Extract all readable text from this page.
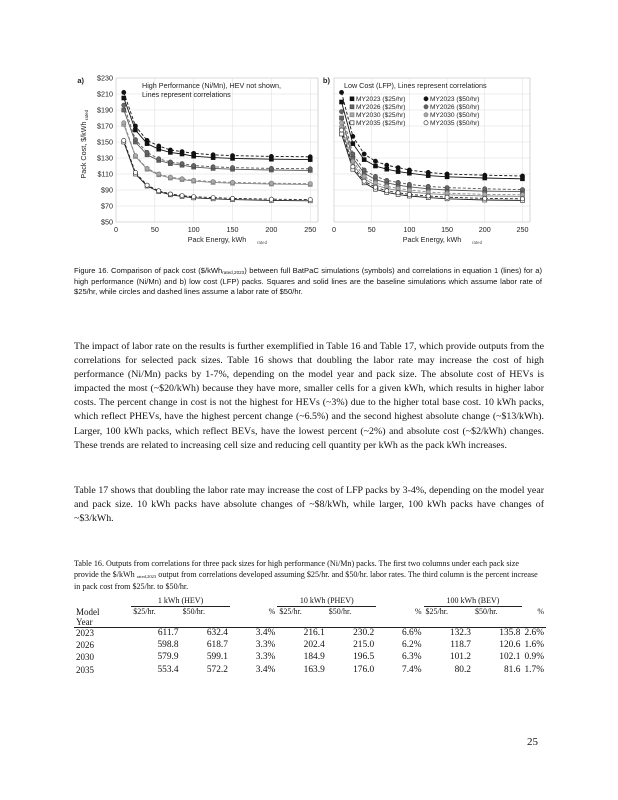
0	50	100	150	200	250
$50
$70
$90
$110
$130
$150
$170
$190
$210
$230
Pack Energy, kWh rated
Pack Cost, $/kWh
rated
a)
High Performance (Ni/Mn), HEV not shown,
Lines represent correlations
0	50	100	150	200	250
Pack Energy, kWh rated
b)
Low Cost (LFP), Lines represent correlations
MY2023 ($25/hr)	MY2023 ($50/hr)
MY2026 ($25/hr)	MY2026 ($50/hr)
MY2030 ($25/hr)	MY2030 ($50/hr)
MY2035 ($25/hr)	MY2035 ($50/hr)
Figure 16. Comparison of pack cost ($/kWhrated,2023) between full BatPaC simulations (symbols) and correlations in equation 1 (lines) for a) high performance (Ni/Mn) and b) low cost (LFP) packs. Squares and solid lines are the baseline simulations which assume labor rate of $25/hr, while circles and dashed lines assume a labor rate of $50/hr.

The impact of labor rate on the results is further exemplified in Table 16 and Table 17, which provide outputs from the correlations for selected pack sizes. Table 16 shows that doubling the labor rate may increase the cost of high performance (Ni/Mn) packs by 1-7%, depending on the model year and pack size. The absolute cost of HEVs is impacted the most (~$20/kWh) because they have more, smaller cells for a given kWh, which results in higher labor costs. The percent change in cost is not the highest for HEVs (~3%) due to the higher total base cost. 10 kWh packs, which reflect PHEVs, have the highest percent change (~6.5%) and the second highest absolute change (~$13/kWh). Larger, 100 kWh packs, which reflect BEVs, have the lowest percent (~2%) and absolute cost (~$2/kWh) changes. These trends are related to increasing cell size and reducing cell quantity per kWh as the pack kWh increases.

Table 17 shows that doubling the labor rate may increase the cost of LFP packs by 3-4%, depending on the model year and pack size. 10 kWh packs have absolute changes of ~$8/kWh, while larger, 100 kWh packs have changes of ~$3/kWh.

Table 16. Outputs from correlations for three pack sizes for high performance (Ni/Mn) packs. The first two columns under each pack size provide the $/kWh rated,2023 output from correlations developed assuming $25/hr. and $50/hr. labor rates. The third column is the percent increase in pack cost from $25/hr. to $50/hr.
	1 kWh (HEV)			10 kWh (PHEV)			100 kWh (BEV)		
Model
Year	$25/hr.	$50/hr.	%	$25/hr.	$50/hr.	%	$25/hr.	$50/hr.	%
2023	611.7	632.4	3.4%	216.1	230.2	6.6%	132.3	135.8	2.6%
2026	598.8	618.7	3.3%	202.4	215.0	6.2%	118.7	120.6	1.6%
2030	579.9	599.1	3.3%	184.9	196.5	6.3%	101.2	102.1	0.9%
2035	553.4	572.2	3.4%	163.9	176.0	7.4%	80.2	81.6	1.7%
25
